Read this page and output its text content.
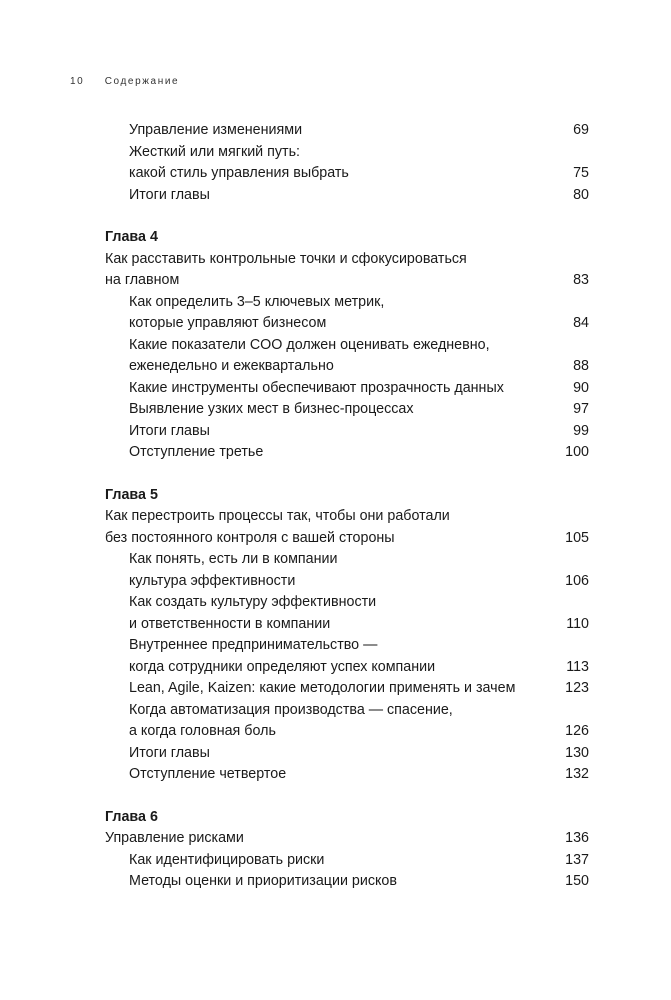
10 Содержание
Управление изменениями	69
Жесткий или мягкий путь:
какой стиль управления выбрать	75
Итоги главы	80
Глава 4
Как расставить контрольные точки и сфокусироваться
на главном	83
Как определить 3–5 ключевых метрик,
которые управляют бизнесом	84
Какие показатели COO должен оценивать ежедневно,
еженедельно и ежеквартально	88
Какие инструменты обеспечивают прозрачность данных	90
Выявление узких мест в бизнес-процессах	97
Итоги главы	99
Отступление третье	100
Глава 5
Как перестроить процессы так, чтобы они работали
без постоянного контроля с вашей стороны	105
Как понять, есть ли в компании
культура эффективности	106
Как создать культуру эффективности
и ответственности в компании	110
Внутреннее предпринимательство —
когда сотрудники определяют успех компании	113
Lean, Agile, Kaizen: какие методологии применять и зачем	123
Когда автоматизация производства — спасение,
а когда головная боль	126
Итоги главы	130
Отступление четвертое	132
Глава 6
Управление рисками	136
Как идентифицировать риски	137
Методы оценки и приоритизации рисков	150
